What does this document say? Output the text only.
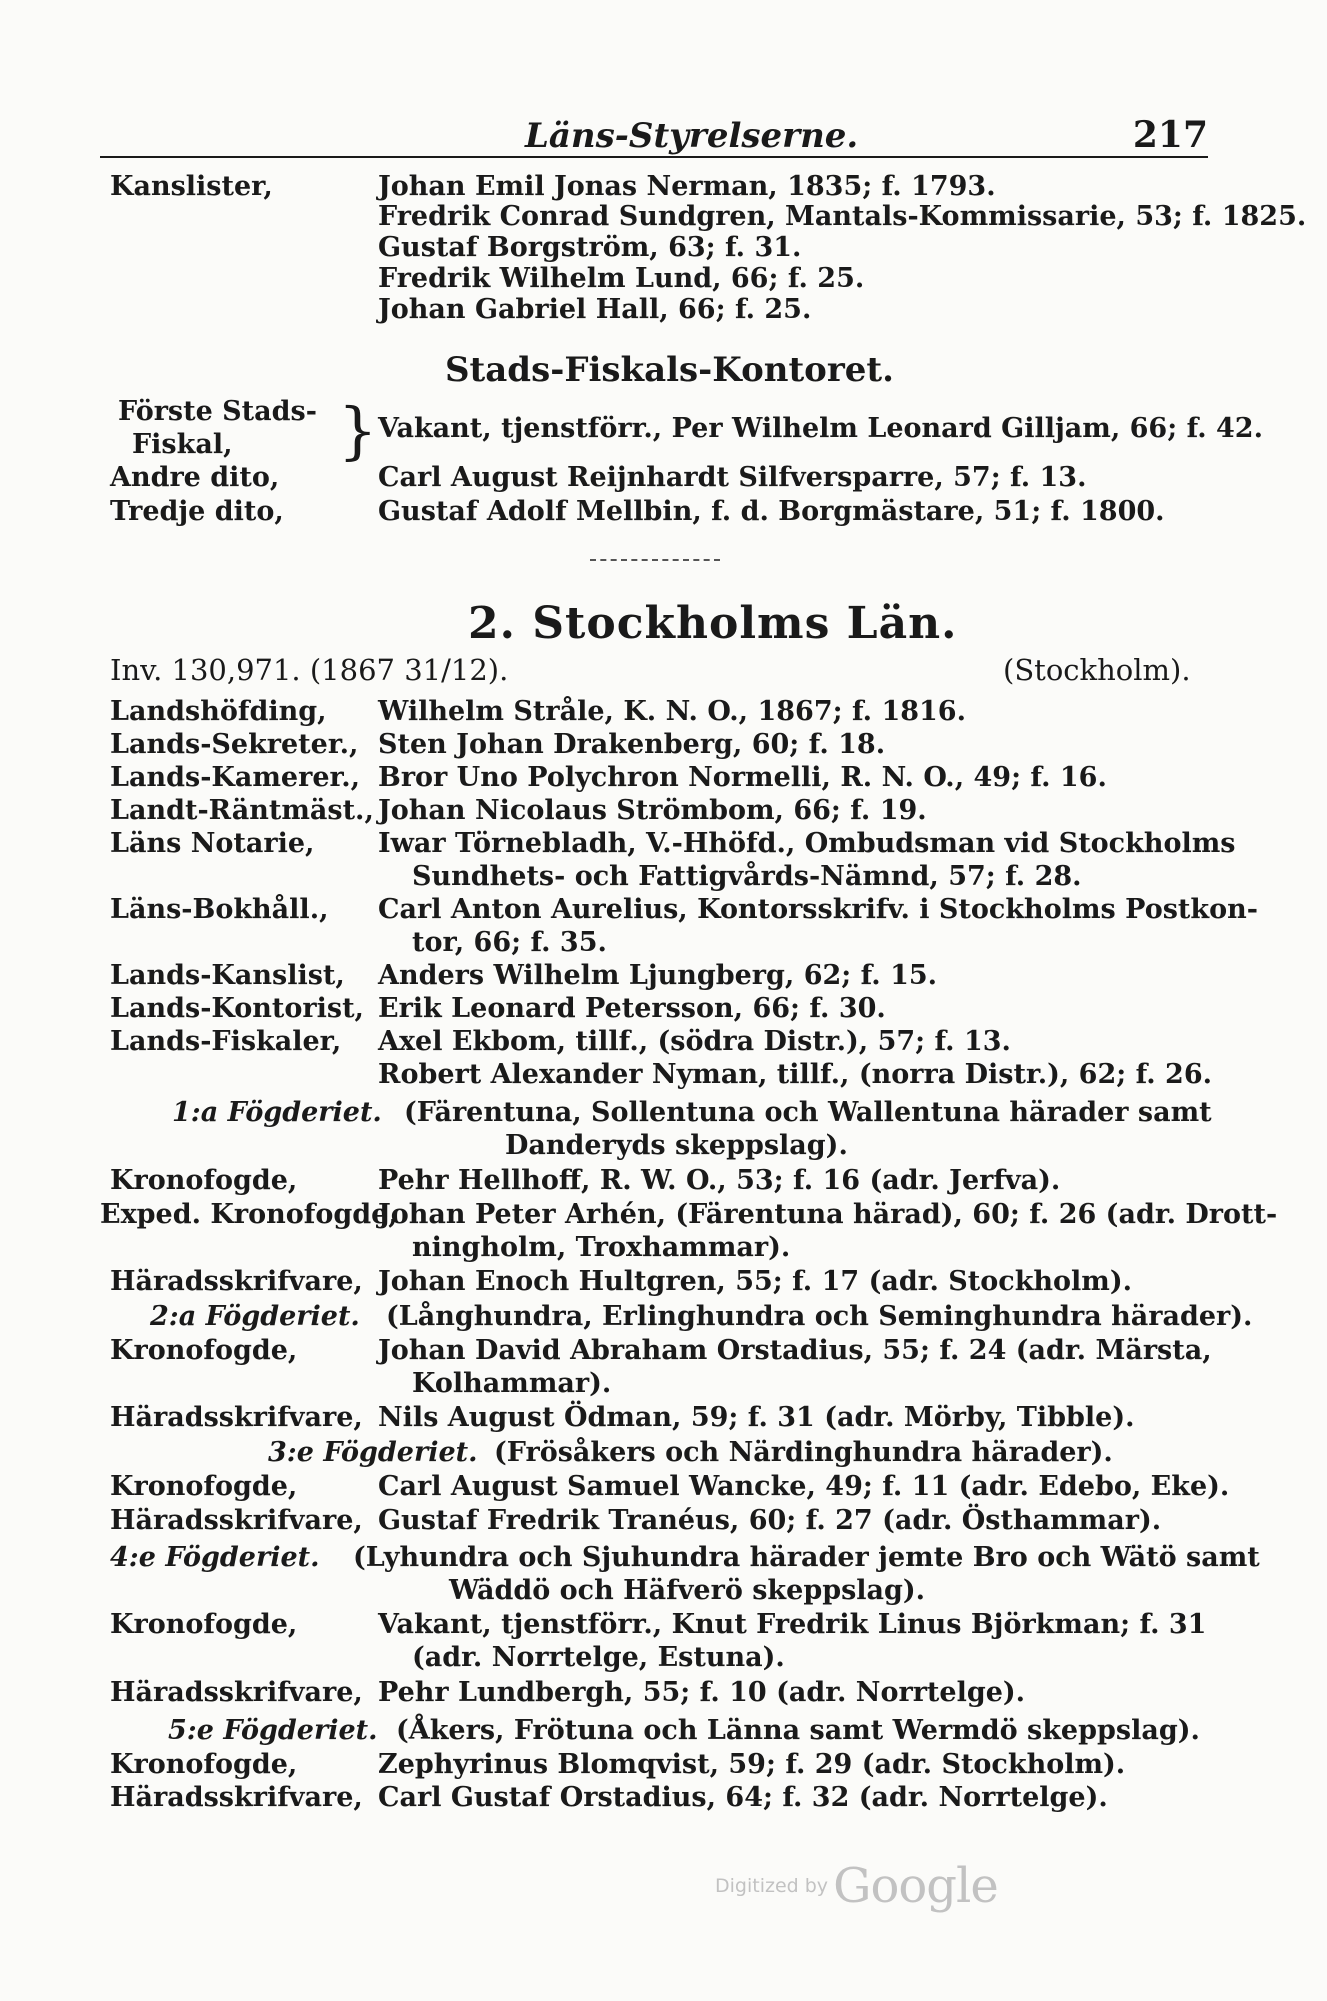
Läns-Styrelserne.	217
Kanslister,	Johan Emil Jonas Nerman, 1835; f. 1793.
Fredrik Conrad Sundgren, Mantals-Kommissarie, 53; f. 1825.
Gustaf Borgström, 63; f. 31.
Fredrik Wilhelm Lund, 66; f. 25.
Johan Gabriel Hall, 66; f. 25.
Stads-Fiskals-Kontoret.
Förste Stads-
Fiskal, } Vakant, tjenstförr., Per Wilhelm Leonard Gilljam, 66; f. 42.
Andre dito,	Carl August Reijnhardt Silfversparre, 57; f. 13.
Tredje dito,	Gustaf Adolf Mellbin, f. d. Borgmästare, 51; f. 1800.
2. Stockholms Län.
Inv. 130,971. (1867 31/12).	(Stockholm).
Landshöfding, Wilhelm Stråle, K. N. O., 1867; f. 1816.
Lands-Sekreter., Sten Johan Drakenberg, 60; f. 18.
Lands-Kamerer., Bror Uno Polychron Normelli, R. N. O., 49; f. 16.
Landt-Räntmäst., Johan Nicolaus Strömbom, 66; f. 19.
Läns Notarie, Iwar Törnebladh, V.-Hhöfd., Ombudsman vid Stockholms
Sundhets- och Fattigvårds-Nämnd, 57; f. 28.
Läns-Bokhåll., Carl Anton Aurelius, Kontorsskrifv. i Stockholms Postkon-
tor, 66; f. 35.
Lands-Kanslist, Anders Wilhelm Ljungberg, 62; f. 15.
Lands-Kontorist, Erik Leonard Petersson, 66; f. 30.
Lands-Fiskaler, Axel Ekbom, tillf., (södra Distr.), 57; f. 13.
Robert Alexander Nyman, tillf., (norra Distr.), 62; f. 26.
1:a Fögderiet. (Färentuna, Sollentuna och Wallentuna härader samt
Danderyds skeppslag).
Kronofogde,	Pehr Hellhoff, R. W. O., 53; f. 16 (adr. Jerfva).
Exped. Kronofogde,
Johan Peter Arhén, (Färentuna härad), 60; f. 26 (adr. Drott-
ningholm, Troxhammar).
Häradsskrifvare, Johan Enoch Hultgren, 55; f. 17 (adr. Stockholm).
2:a Fögderiet. (Långhundra, Erlinghundra och Seminghundra härader).
Kronofogde,	Johan David Abraham Orstadius, 55; f. 24 (adr. Märsta,
Kolhammar).
Häradsskrifvare, Nils August Ödman, 59; f. 31 (adr. Mörby, Tibble).
3:e Fögderiet. (Frösåkers och Närdinghundra härader).
Kronofogde,	Carl August Samuel Wancke, 49; f. 11 (adr. Edebo, Eke).
Häradsskrifvare, Gustaf Fredrik Tranéus, 60; f. 27 (adr. Östhammar).
4:e Fögderiet. (Lyhundra och Sjuhundra härader jemte Bro och Wätö samt
Wäddö och Häfverö skeppslag).
Kronofogde,	Vakant, tjenstförr., Knut Fredrik Linus Björkman; f. 31
(adr. Norrtelge, Estuna).
Häradsskrifvare, Pehr Lundbergh, 55; f. 10 (adr. Norrtelge).
5:e Fögderiet. (Åkers, Frötuna och Länna samt Wermdö skeppslag).
Kronofogde,	Zephyrinus Blomqvist, 59; f. 29 (adr. Stockholm).
Häradsskrifvare, Carl Gustaf Orstadius, 64; f. 32 (adr. Norrtelge).
Digitized by Google
